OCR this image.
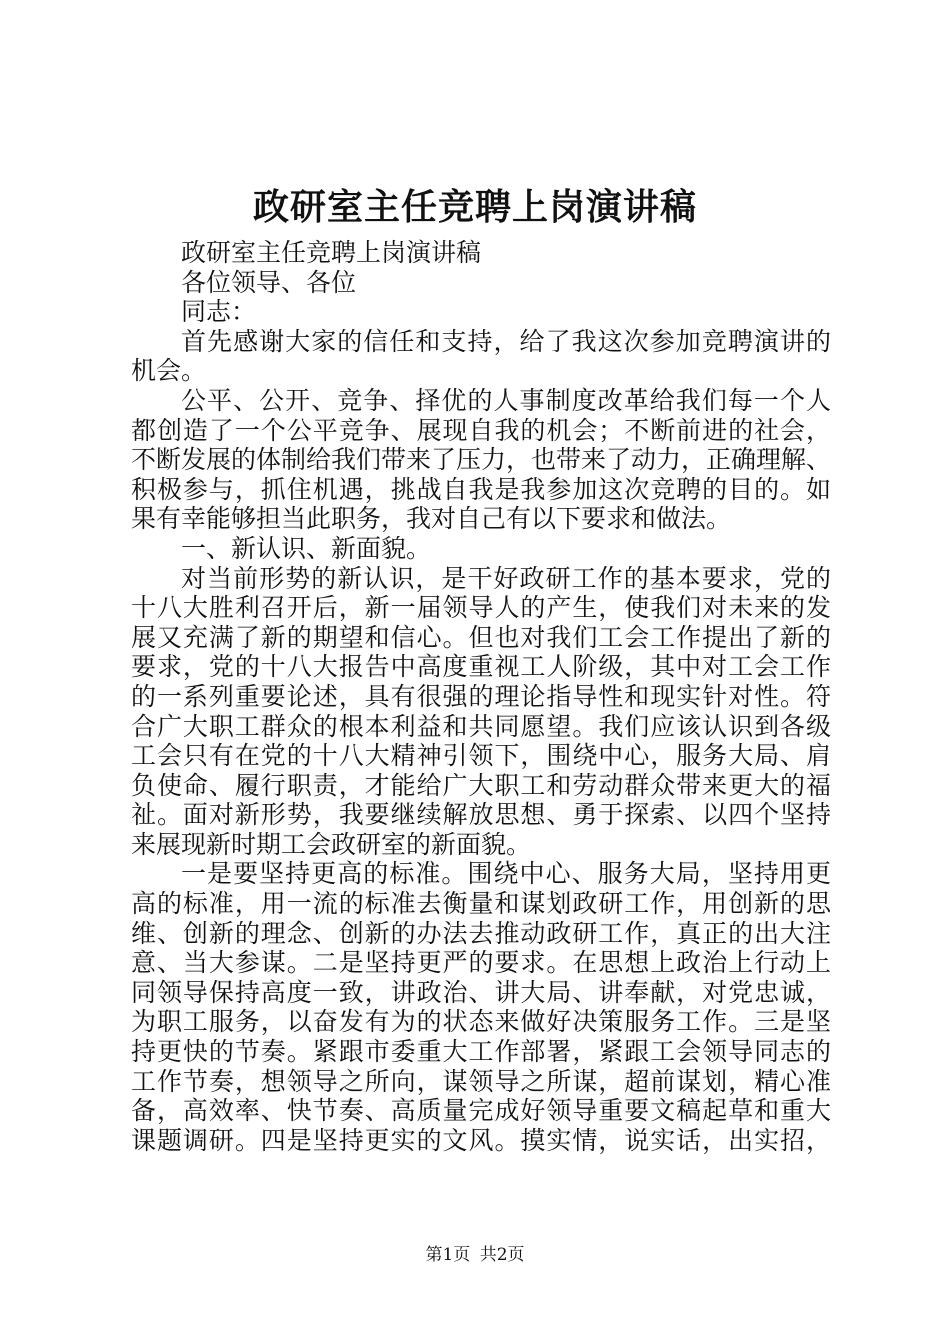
政研室主任竞聘上岗演讲稿
政研室主任竞聘上岗演讲稿
各位领导、各位
同志：
首先感谢大家的信任和支持，给了我这次参加竞聘演讲的
机会。
公平、公开、竞争、择优的人事制度改革给我们每一个人
都创造了一个公平竞争、展现自我的机会；不断前进的社会，
不断发展的体制给我们带来了压力，也带来了动力，正确理解、
积极参与，抓住机遇，挑战自我是我参加这次竞聘的目的。如
果有幸能够担当此职务，我对自己有以下要求和做法。
一、新认识、新面貌。
对当前形势的新认识，是干好政研工作的基本要求，党的
十八大胜利召开后，新一届领导人的产生，使我们对未来的发
展又充满了新的期望和信心。但也对我们工会工作提出了新的
要求，党的十八大报告中高度重视工人阶级，其中对工会工作
的一系列重要论述，具有很强的理论指导性和现实针对性。符
合广大职工群众的根本利益和共同愿望。我们应该认识到各级
工会只有在党的十八大精神引领下，围绕中心，服务大局、肩
负使命、履行职责，才能给广大职工和劳动群众带来更大的福
祉。面对新形势，我要继续解放思想、勇于探索、以四个坚持
来展现新时期工会政研室的新面貌。
一是要坚持更高的标准。围绕中心、服务大局，坚持用更
高的标准，用一流的标准去衡量和谋划政研工作，用创新的思
维、创新的理念、创新的办法去推动政研工作，真正的出大注
意、当大参谋。二是坚持更严的要求。在思想上政治上行动上
同领导保持高度一致，讲政治、讲大局、讲奉献，对党忠诚，
为职工服务，以奋发有为的状态来做好决策服务工作。三是坚
持更快的节奏。紧跟市委重大工作部署，紧跟工会领导同志的
工作节奏，想领导之所向，谋领导之所谋，超前谋划，精心准
备，高效率、快节奏、高质量完成好领导重要文稿起草和重大
课题调研。四是坚持更实的文风。摸实情，说实话，出实招，
第1页 共2页
